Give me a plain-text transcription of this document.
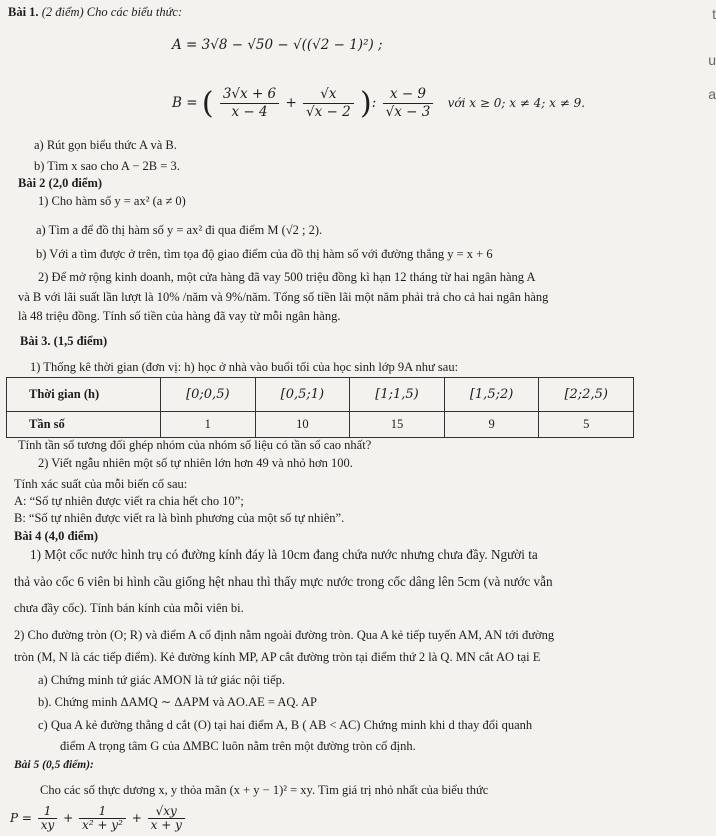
Bài 1. (2 điểm) Cho các biểu thức:
A = 3√8 − √50 − √((√2 − 1)²) ;
B = ( $\frac{3√x + 6}{x - 4} + \frac{√x}{√x - 2}$ ): $\frac{x - 9}{√x - 3}$ với x ≥ 0; x ≠ 4; x ≠ 9.
a) Rút gọn biểu thức A và B.
b) Tìm x sao cho A − 2B = 3.
Bài 2 (2,0 điểm)
1) Cho hàm số y = ax² (a ≠ 0)
a) Tìm a để đồ thị hàm số y = ax² đi qua điểm M (√2 ; 2).
b) Với a tìm được ở trên, tìm tọa độ giao điểm của đồ thị hàm số với đường thẳng y = x + 6
2) Để mở rộng kinh doanh, một cửa hàng đã vay 500 triệu đồng kì hạn 12 tháng từ hai ngân hàng A
và B với lãi suất lần lượt là 10% /năm và 9%/năm. Tổng số tiền lãi một năm phải trả cho cả hai ngân hàng
là 48 triệu đồng. Tính số tiền của hàng đã vay từ mỗi ngân hàng.
Bài 3. (1,5 điểm)
1) Thống kê thời gian (đơn vị: h) học ở nhà vào buổi tối của học sinh lớp 9A như sau:
Thời gian (h)	[0;0,5)	[0,5;1)	[1;1,5)	[1,5;2)	[2;2,5)
Tần số	1	10	15	9	5
Tính tần số tương đối ghép nhóm của nhóm số liệu có tần số cao nhất?
2) Viết ngẫu nhiên một số tự nhiên lớn hơn 49 và nhỏ hơn 100.
Tính xác suất của mỗi biến cố sau:
A: “Số tự nhiên được viết ra chia hết cho 10”;
B: “Số tự nhiên được viết ra là bình phương của một số tự nhiên”.
Bài 4 (4,0 điểm)
1) Một cốc nước hình trụ có đường kính đáy là 10cm đang chứa nước nhưng chưa đầy. Người ta
thả vào cốc 6 viên bi hình cầu giống hệt nhau thì thấy mực nước trong cốc dâng lên 5cm (và nước vẫn
chưa đầy cốc). Tính bán kính của mỗi viên bi.
2) Cho đường tròn (O; R) và điểm A cố định nằm ngoài đường tròn. Qua A kẻ tiếp tuyến AM, AN tới đường
tròn (M, N là các tiếp điểm). Kẻ đường kính MP, AP cắt đường tròn tại điểm thứ 2 là Q. MN cắt AO tại E
a) Chứng minh tứ giác AMON là tứ giác nội tiếp.
b). Chứng minh ΔAMQ ∼ ΔAPM và AO.AE = AQ. AP
c) Qua A kẻ đường thẳng d cắt (O) tại hai điểm A, B ( AB < AC) Chứng minh khi d thay đổi quanh
điểm A trọng tâm G của ΔMBC luôn nằm trên một đường tròn cố định.
Bài 5 (0,5 điểm):
Cho các số thực dương x, y thỏa mãn (x + y − 1)² = xy. Tìm giá trị nhỏ nhất của biểu thức
$P = \frac{1}{xy} + \frac{1}{\text{x² + y²}} + \frac{√xy}{x + y}$
t
u
a
